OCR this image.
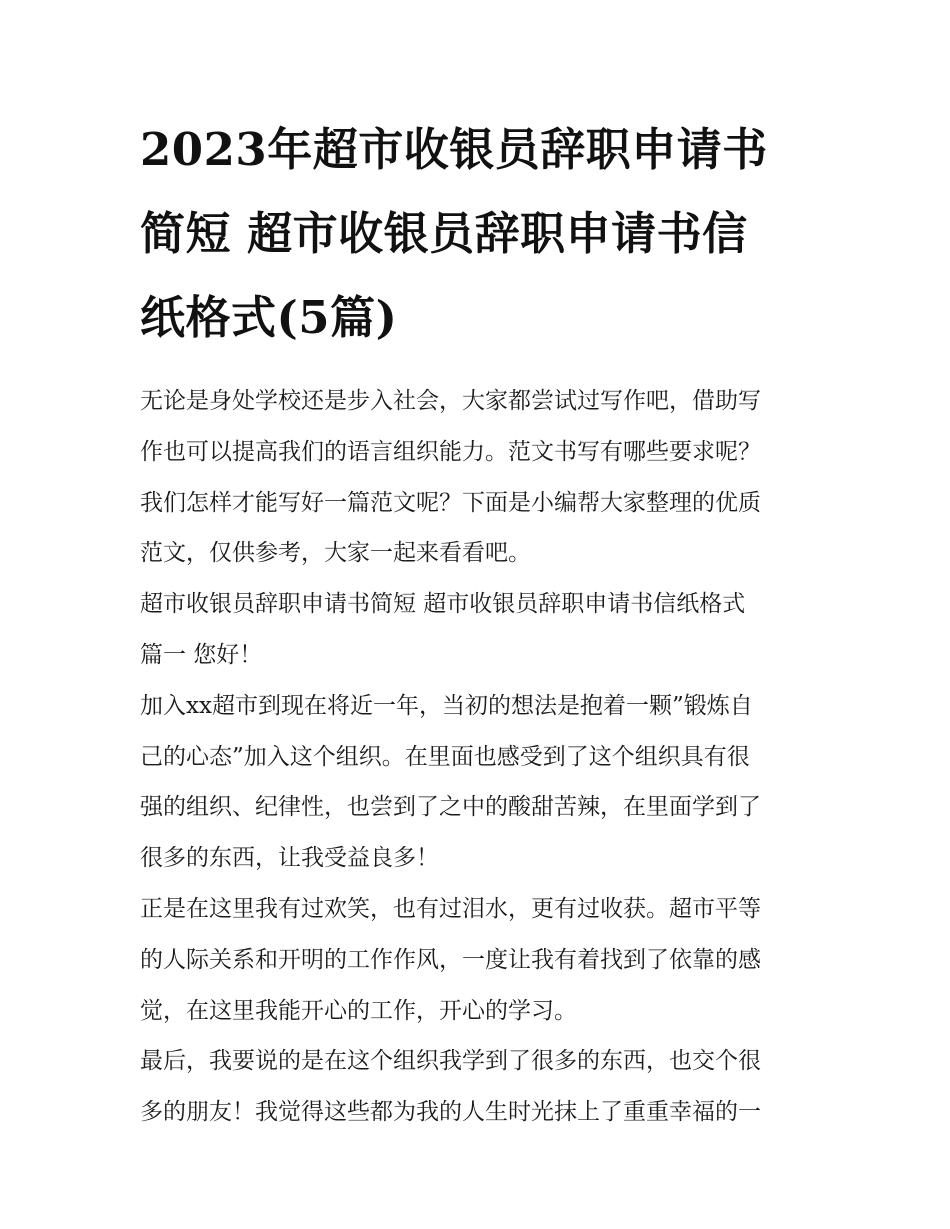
2023年超市收银员辞职申请书
简短 超市收银员辞职申请书信
纸格式(5篇)

无论是身处学校还是步入社会，大家都尝试过写作吧，借助写
作也可以提高我们的语言组织能力。范文书写有哪些要求呢？
我们怎样才能写好一篇范文呢？下面是小编帮大家整理的优质
范文，仅供参考，大家一起来看看吧。

超市收银员辞职申请书简短 超市收银员辞职申请书信纸格式
篇一 您好！

加入xx超市到现在将近一年，当初的想法是抱着一颗”锻炼自
己的心态”加入这个组织。在里面也感受到了这个组织具有很
强的组织、纪律性，也尝到了之中的酸甜苦辣，在里面学到了
很多的东西，让我受益良多！

正是在这里我有过欢笑，也有过泪水，更有过收获。超市平等
的人际关系和开明的工作作风，一度让我有着找到了依靠的感
觉，在这里我能开心的工作，开心的学习。

最后，我要说的是在这个组织我学到了很多的东西，也交个很
多的朋友！我觉得这些都为我的人生时光抹上了重重幸福的一
